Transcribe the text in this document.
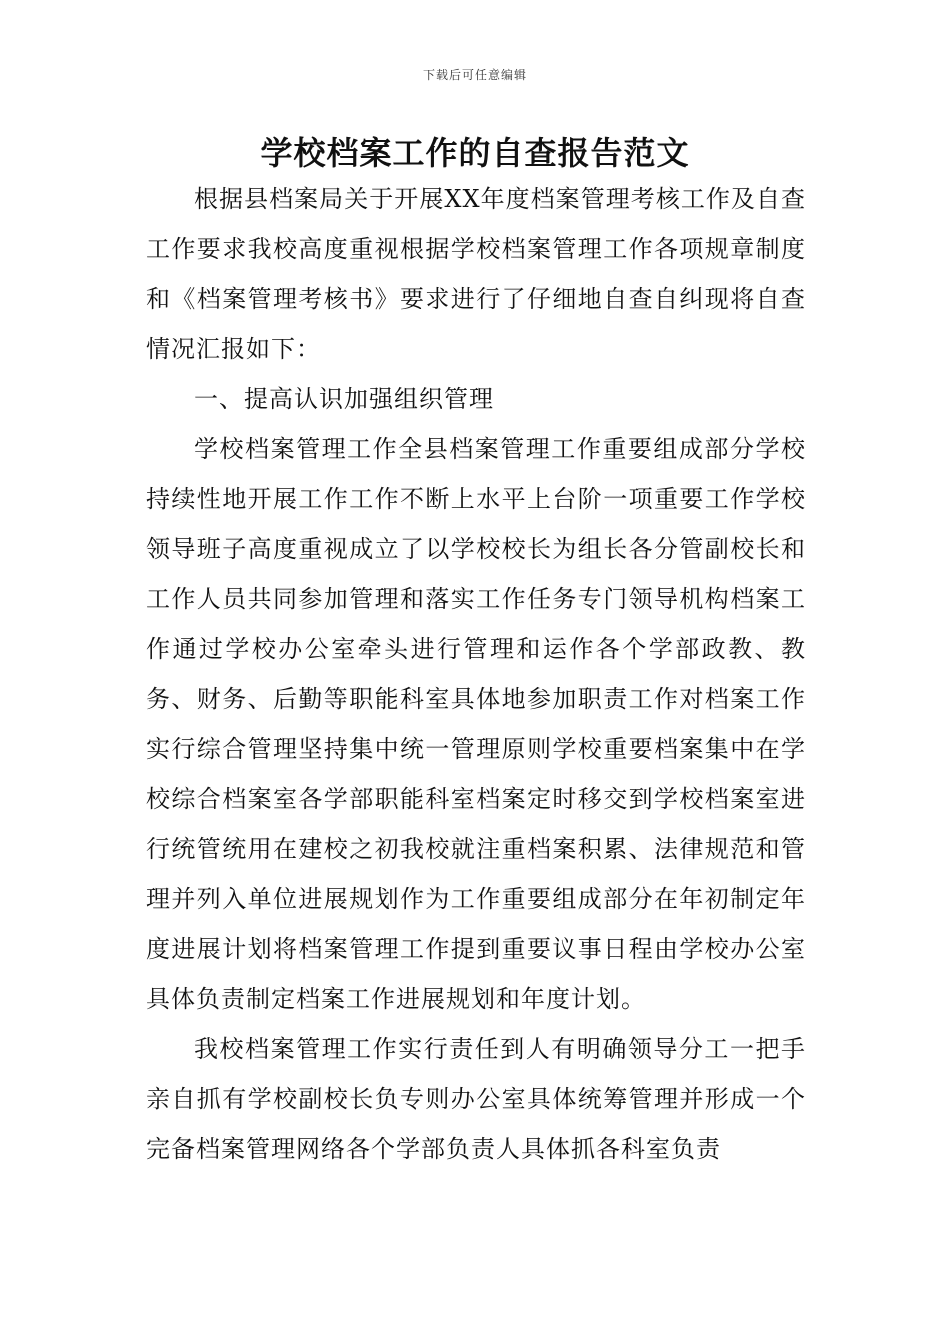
下载后可任意编辑
学校档案工作的自查报告范文

根据县档案局关于开展XX年度档案管理考核工作及自查工作要求我校高度重视根据学校档案管理工作各项规章制度和《档案管理考核书》要求进行了仔细地自查自纠现将自查情况汇报如下：

一、提高认识加强组织管理

学校档案管理工作全县档案管理工作重要组成部分学校持续性地开展工作工作不断上水平上台阶一项重要工作学校领导班子高度重视成立了以学校校长为组长各分管副校长和工作人员共同参加管理和落实工作任务专门领导机构档案工作通过学校办公室牵头进行管理和运作各个学部政教、教务、财务、后勤等职能科室具体地参加职责工作对档案工作实行综合管理坚持集中统一管理原则学校重要档案集中在学校综合档案室各学部职能科室档案定时移交到学校档案室进行统管统用在建校之初我校就注重档案积累、法律规范和管理并列入单位进展规划作为工作重要组成部分在年初制定年度进展计划将档案管理工作提到重要议事日程由学校办公室具体负责制定档案工作进展规划和年度计划。

我校档案管理工作实行责任到人有明确领导分工一把手亲自抓有学校副校长负专则办公室具体统筹管理并形成一个完备档案管理网络各个学部负责人具体抓各科室负责
